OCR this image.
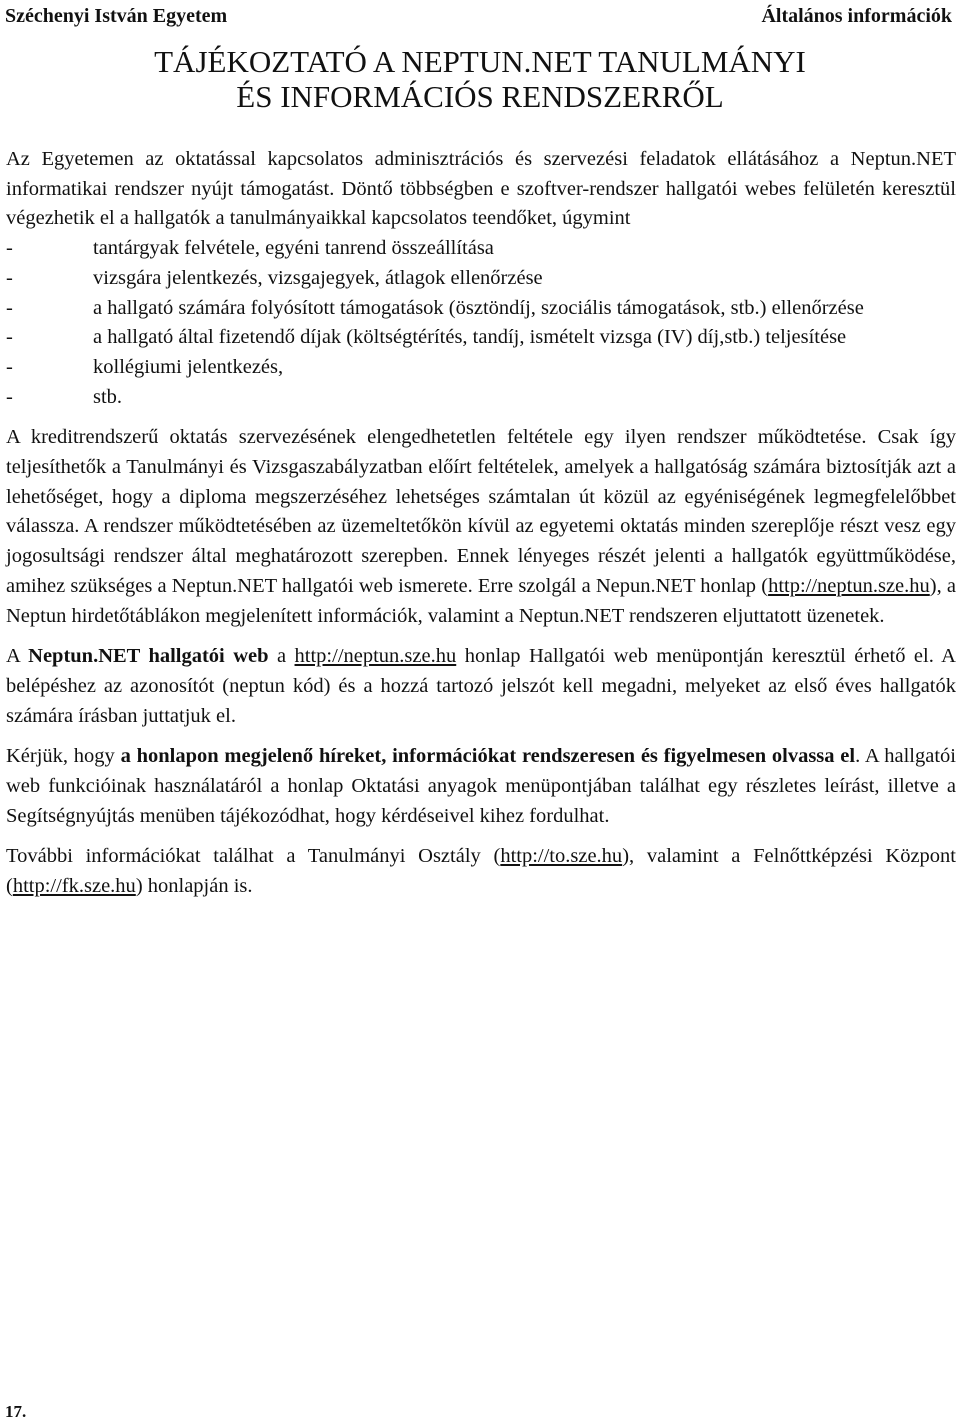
Széchenyi István Egyetem	Általános információk
TÁJÉKOZTATÓ A NEPTUN.NET TANULMÁNYI
ÉS INFORMÁCIÓS RENDSZERRŐL

Az Egyetemen az oktatással kapcsolatos adminisztrációs és szervezési feladatok ellátásához a Neptun.NET informatikai rendszer nyújt támogatást. Döntő többségben e szoftver-rendszer hallgatói webes felületén keresztül végezhetik el a hallgatók a tanulmányaikkal kapcsolatos teendőket, úgymint

-	tantárgyak felvétele, egyéni tanrend összeállítása
-	vizsgára jelentkezés, vizsgajegyek, átlagok ellenőrzése
-	a hallgató számára folyósított támogatások (ösztöndíj, szociális támogatások, stb.) ellenőrzése
-	a hallgató által fizetendő díjak (költségtérítés, tandíj, ismételt vizsga (IV) díj,stb.) teljesítése
-	kollégiumi jelentkezés,
-	stb.

A kreditrendszerű oktatás szervezésének elengedhetetlen feltétele egy ilyen rendszer működtetése. Csak így teljesíthetők a Tanulmányi és Vizsgaszabályzatban előírt feltételek, amelyek a hallgatóság számára biztosítják azt a lehetőséget, hogy a diploma megszerzéséhez lehetséges számtalan út közül az egyéniségének legmegfelelőbbet válassza. A rendszer működtetésében az üzemeltetőkön kívül az egyetemi oktatás minden szereplője részt vesz egy jogosultsági rendszer által meghatározott szerepben. Ennek lényeges részét jelenti a hallgatók együttműködése, amihez szükséges a Neptun.NET hallgatói web ismerete. Erre szolgál a Nepun.NET honlap (http://neptun.sze.hu), a Neptun hirdetőtáblákon megjelenített információk, valamint a Neptun.NET rendszeren eljuttatott üzenetek.

A Neptun.NET hallgatói web a http://neptun.sze.hu honlap Hallgatói web menüpontján keresztül érhető el. A belépéshez az azonosítót (neptun kód) és a hozzá tartozó jelszót kell megadni, melyeket az első éves hallgatók számára írásban juttatjuk el.

Kérjük, hogy a honlapon megjelenő híreket, információkat rendszeresen és figyelmesen olvassa el. A hallgatói web funkcióinak használatáról a honlap Oktatási anyagok menüpontjában találhat egy részletes leírást, illetve a Segítségnyújtás menüben tájékozódhat, hogy kérdéseivel kihez fordulhat.

További információkat találhat a Tanulmányi Osztály (http://to.sze.hu), valamint a Felnőttképzési Központ (http://fk.sze.hu) honlapján is.

17.
